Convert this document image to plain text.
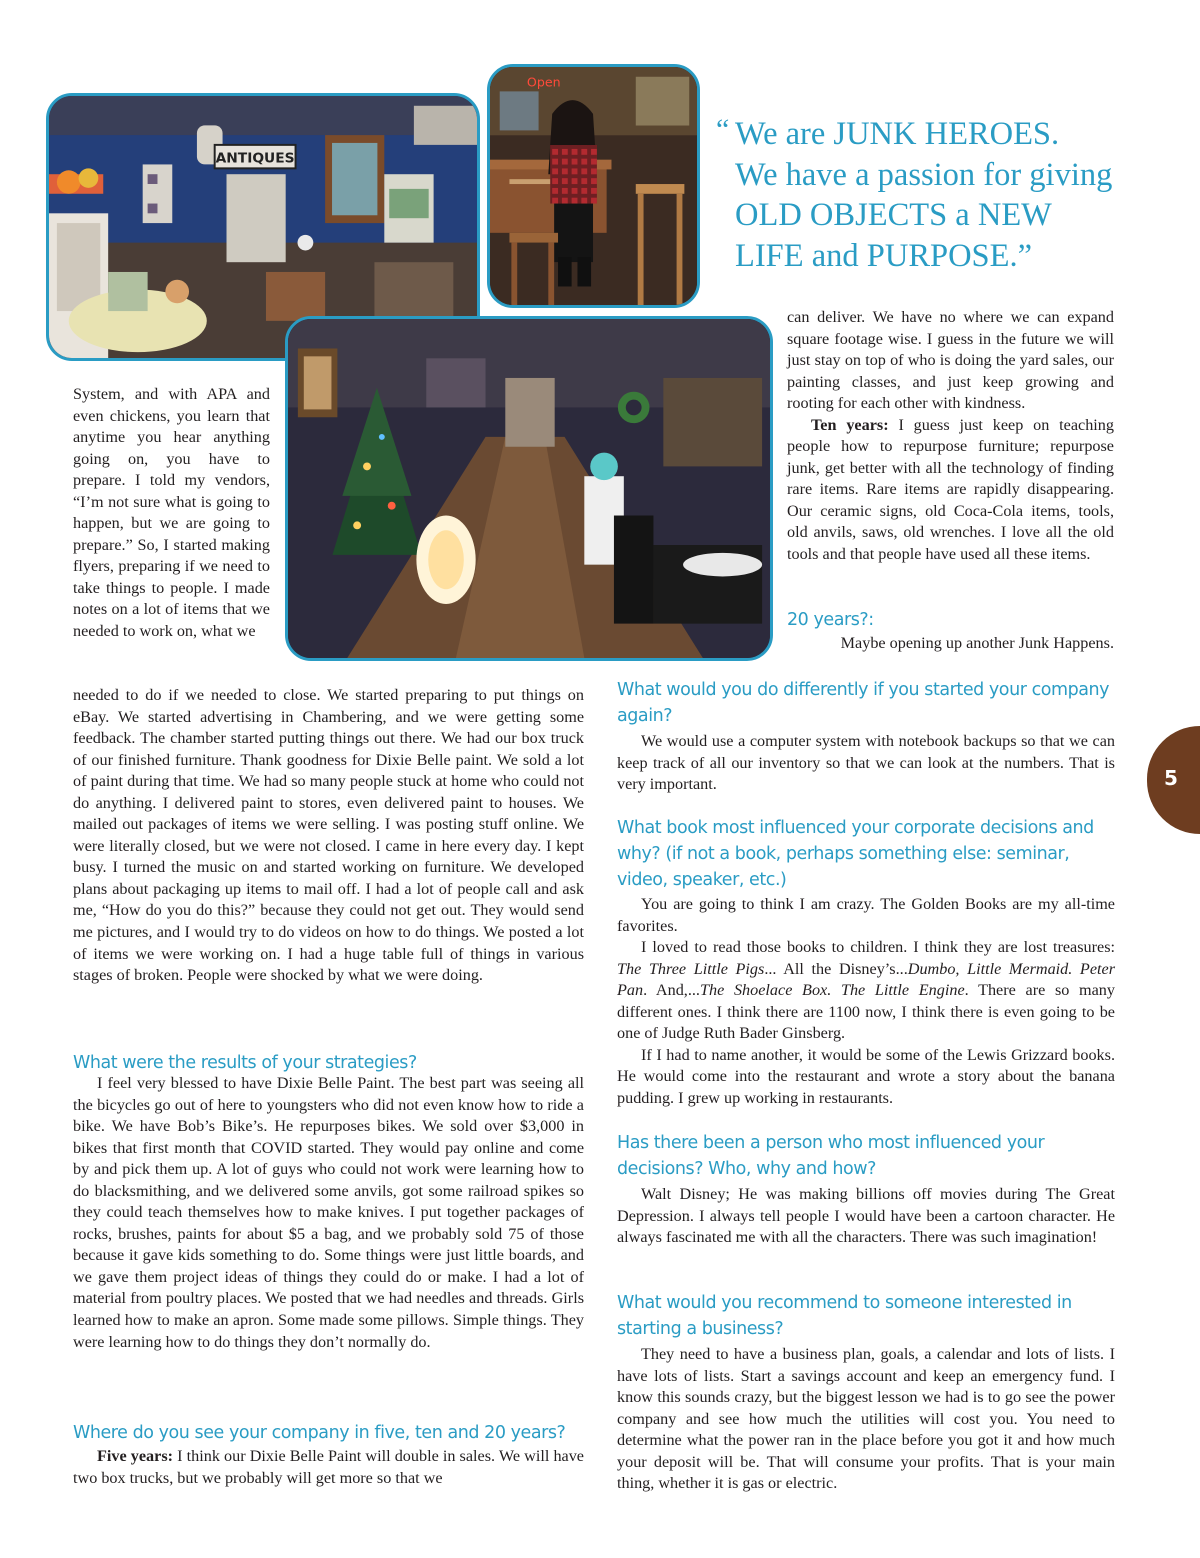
ANTIQUES
Open
“ We are JUNK HEROES.
We have a passion for giving
OLD OBJECTS a NEW
LIFE and PURPOSE.”

System, and with APA and even chickens, you learn that anytime you hear anything going on, you have to prepare. I told my vendors, “I’m not sure what is going to happen, but we are going to prepare.” So, I started making flyers, preparing if we need to take things to people. I made notes on a lot of items that we needed to work on, what we

needed to do if we needed to close. We started preparing to put things on eBay. We started advertising in Chambering, and we were getting some feedback. The chamber started putting things out there. We had our box truck of our finished furniture. Thank goodness for Dixie Belle paint. We sold a lot of paint during that time. We had so many people stuck at home who could not do anything. I delivered paint to stores, even delivered paint to houses. We mailed out packages of items we were selling. I was posting stuff online. We were literally closed, but we were not closed. I came in here every day. I kept busy. I turned the music on and started working on furniture. We developed plans about packaging up items to mail off. I had a lot of people call and ask me, “How do you do this?” because they could not get out. They would send me pictures, and I would try to do videos on how to do things. We posted a lot of items we were working on. I had a huge table full of things in various stages of broken. People were shocked by what we were doing.

What were the results of your strategies?

I feel very blessed to have Dixie Belle Paint. The best part was seeing all the bicycles go out of here to youngsters who did not even know how to ride a bike. We have Bob’s Bike’s. He repurposes bikes. We sold over $3,000 in bikes that first month that COVID started. They would pay online and come by and pick them up. A lot of guys who could not work were learning how to do blacksmithing, and we delivered some anvils, got some railroad spikes so they could teach themselves how to make knives. I put together packages of rocks, brushes, paints for about $5 a bag, and we probably sold 75 of those because it gave kids something to do. Some things were just little boards, and we gave them project ideas of things they could do or make. I had a lot of material from poultry places. We posted that we had needles and threads. Girls learned how to make an apron. Some made some pillows. Simple things. They were learning how to do things they don’t normally do.

Where do you see your company in five, ten and 20 years?

Five years: I think our Dixie Belle Paint will double in sales. We will have two box trucks, but we probably will get more so that we

can deliver. We have no where we can expand square footage wise. I guess in the future we will just stay on top of who is doing the yard sales, our painting classes, and just keep growing and rooting for each other with kindness.

Ten years: I guess just keep on teaching people how to repurpose furniture; repurpose junk, get better with all the technology of finding rare items. Rare items are rapidly disappearing. Our ceramic signs, old Coca-Cola items, tools, old anvils, saws, old wrenches. I love all the old tools and that people have used all these items.

20 years?:
Maybe opening up another Junk Happens.
What would you do differently if you started your company again?

We would use a computer system with notebook backups so that we can keep track of all our inventory so that we can look at the numbers. That is very important.

What book most influenced your corporate decisions and why? (if not a book, perhaps something else: seminar, video, speaker, etc.)

You are going to think I am crazy. The Golden Books are my all-time favorites.

I loved to read those books to children. I think they are lost treasures: The Three Little Pigs... All the Disney’s...Dumbo, Little Mermaid. Peter Pan. And,...The Shoelace Box. The Little Engine. There are so many different ones. I think there are 1100 now, I think there is even going to be one of Judge Ruth Bader Ginsberg.

If I had to name another, it would be some of the Lewis Grizzard books. He would come into the restaurant and wrote a story about the banana pudding. I grew up working in restaurants.

Has there been a person who most influenced your decisions? Who, why and how?

Walt Disney; He was making billions off movies during The Great Depression. I always tell people I would have been a cartoon character. He always fascinated me with all the characters. There was such imagination!

What would you recommend to someone interested in starting a business?

They need to have a business plan, goals, a calendar and lots of lists. I have lots of lists. Start a savings account and keep an emergency fund. I know this sounds crazy, but the biggest lesson we had is to go see the power company and see how much the utilities will cost you. You need to determine what the power ran in the place before you got it and how much your deposit will be. That will consume your profits. That is your main thing, whether it is gas or electric.

5
